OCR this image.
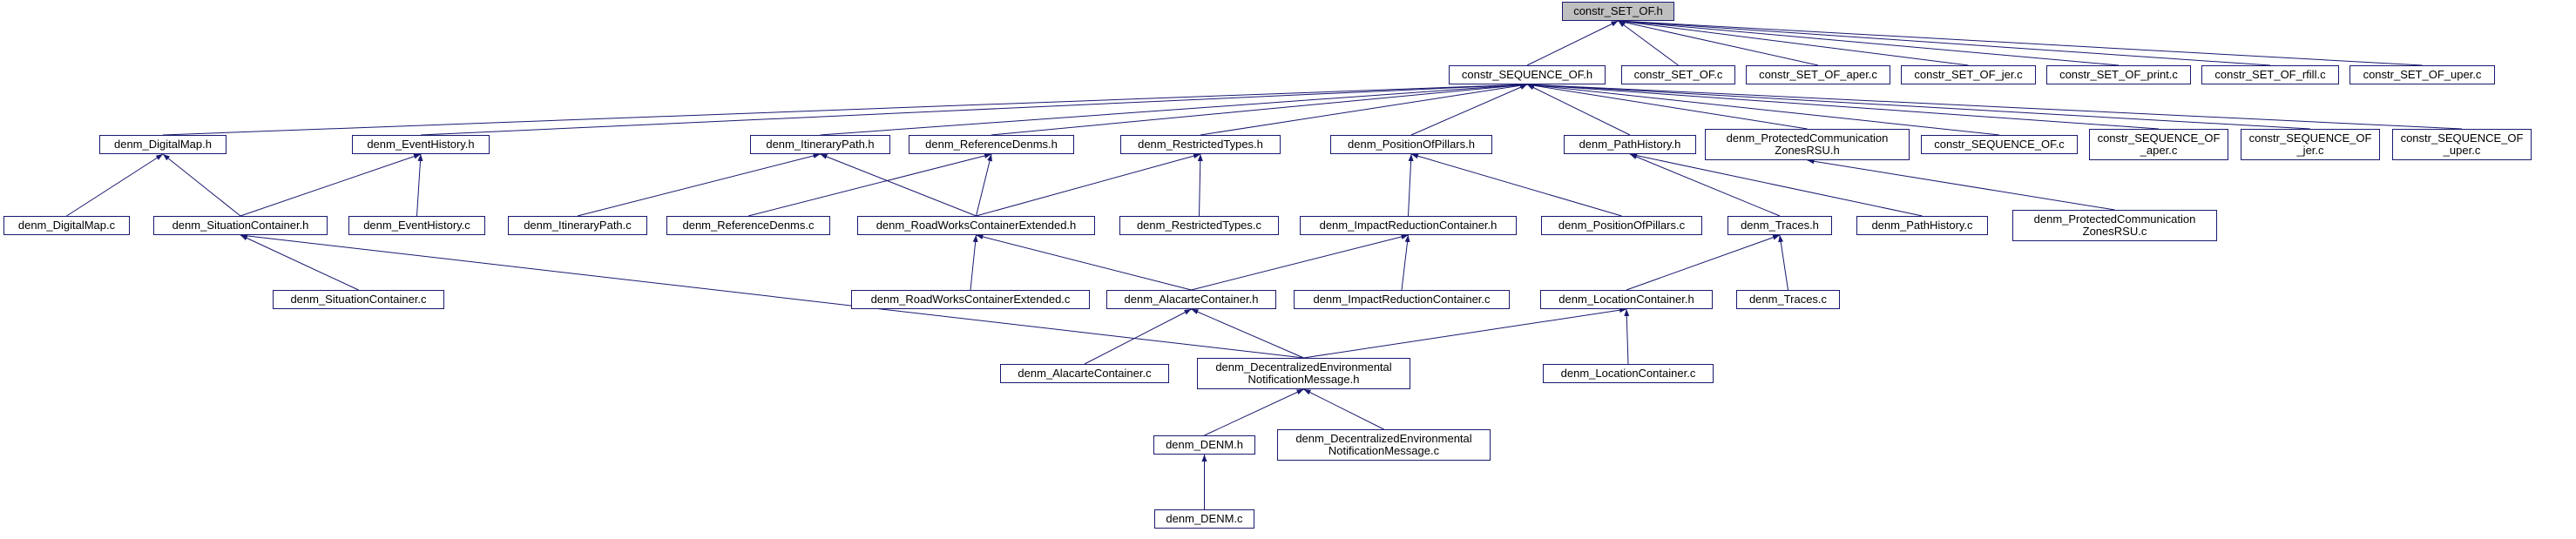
constr_SET_OF.h
constr_SEQUENCE_OF.h	constr_SET_OF.c	constr_SET_OF_aper.c	constr_SET_OF_jer.c	constr_SET_OF_print.c	constr_SET_OF_rfill.c	constr_SET_OF_uper.c
denm_DigitalMap.h	denm_EventHistory.h	denm_ItineraryPath.h	denm_ReferenceDenms.h	denm_RestrictedTypes.h	denm_PositionOfPillars.h	denm_PathHistory.h	denm_ProtectedCommunication
ZonesRSU.h	constr_SEQUENCE_OF.c	constr_SEQUENCE_OF
_aper.c
constr_SEQUENCE_OF
_jer.c
constr_SEQUENCE_OF
_uper.c
denm_DigitalMap.c	denm_SituationContainer.h	denm_EventHistory.c	denm_ItineraryPath.c	denm_ReferenceDenms.c	denm_RoadWorksContainerExtended.h	denm_RestrictedTypes.c	denm_ImpactReductionContainer.h	denm_PositionOfPillars.c	denm_Traces.h	denm_PathHistory.c	denm_ProtectedCommunication
ZonesRSU.c
denm_SituationContainer.c	denm_RoadWorksContainerExtended.c	denm_AlacarteContainer.h	denm_ImpactReductionContainer.c	denm_LocationContainer.h	denm_Traces.c
denm_AlacarteContainer.c	denm_DecentralizedEnvironmental
NotificationMessage.h	denm_LocationContainer.c
denm_DENM.h	denm_DecentralizedEnvironmental
NotificationMessage.c
denm_DENM.c
